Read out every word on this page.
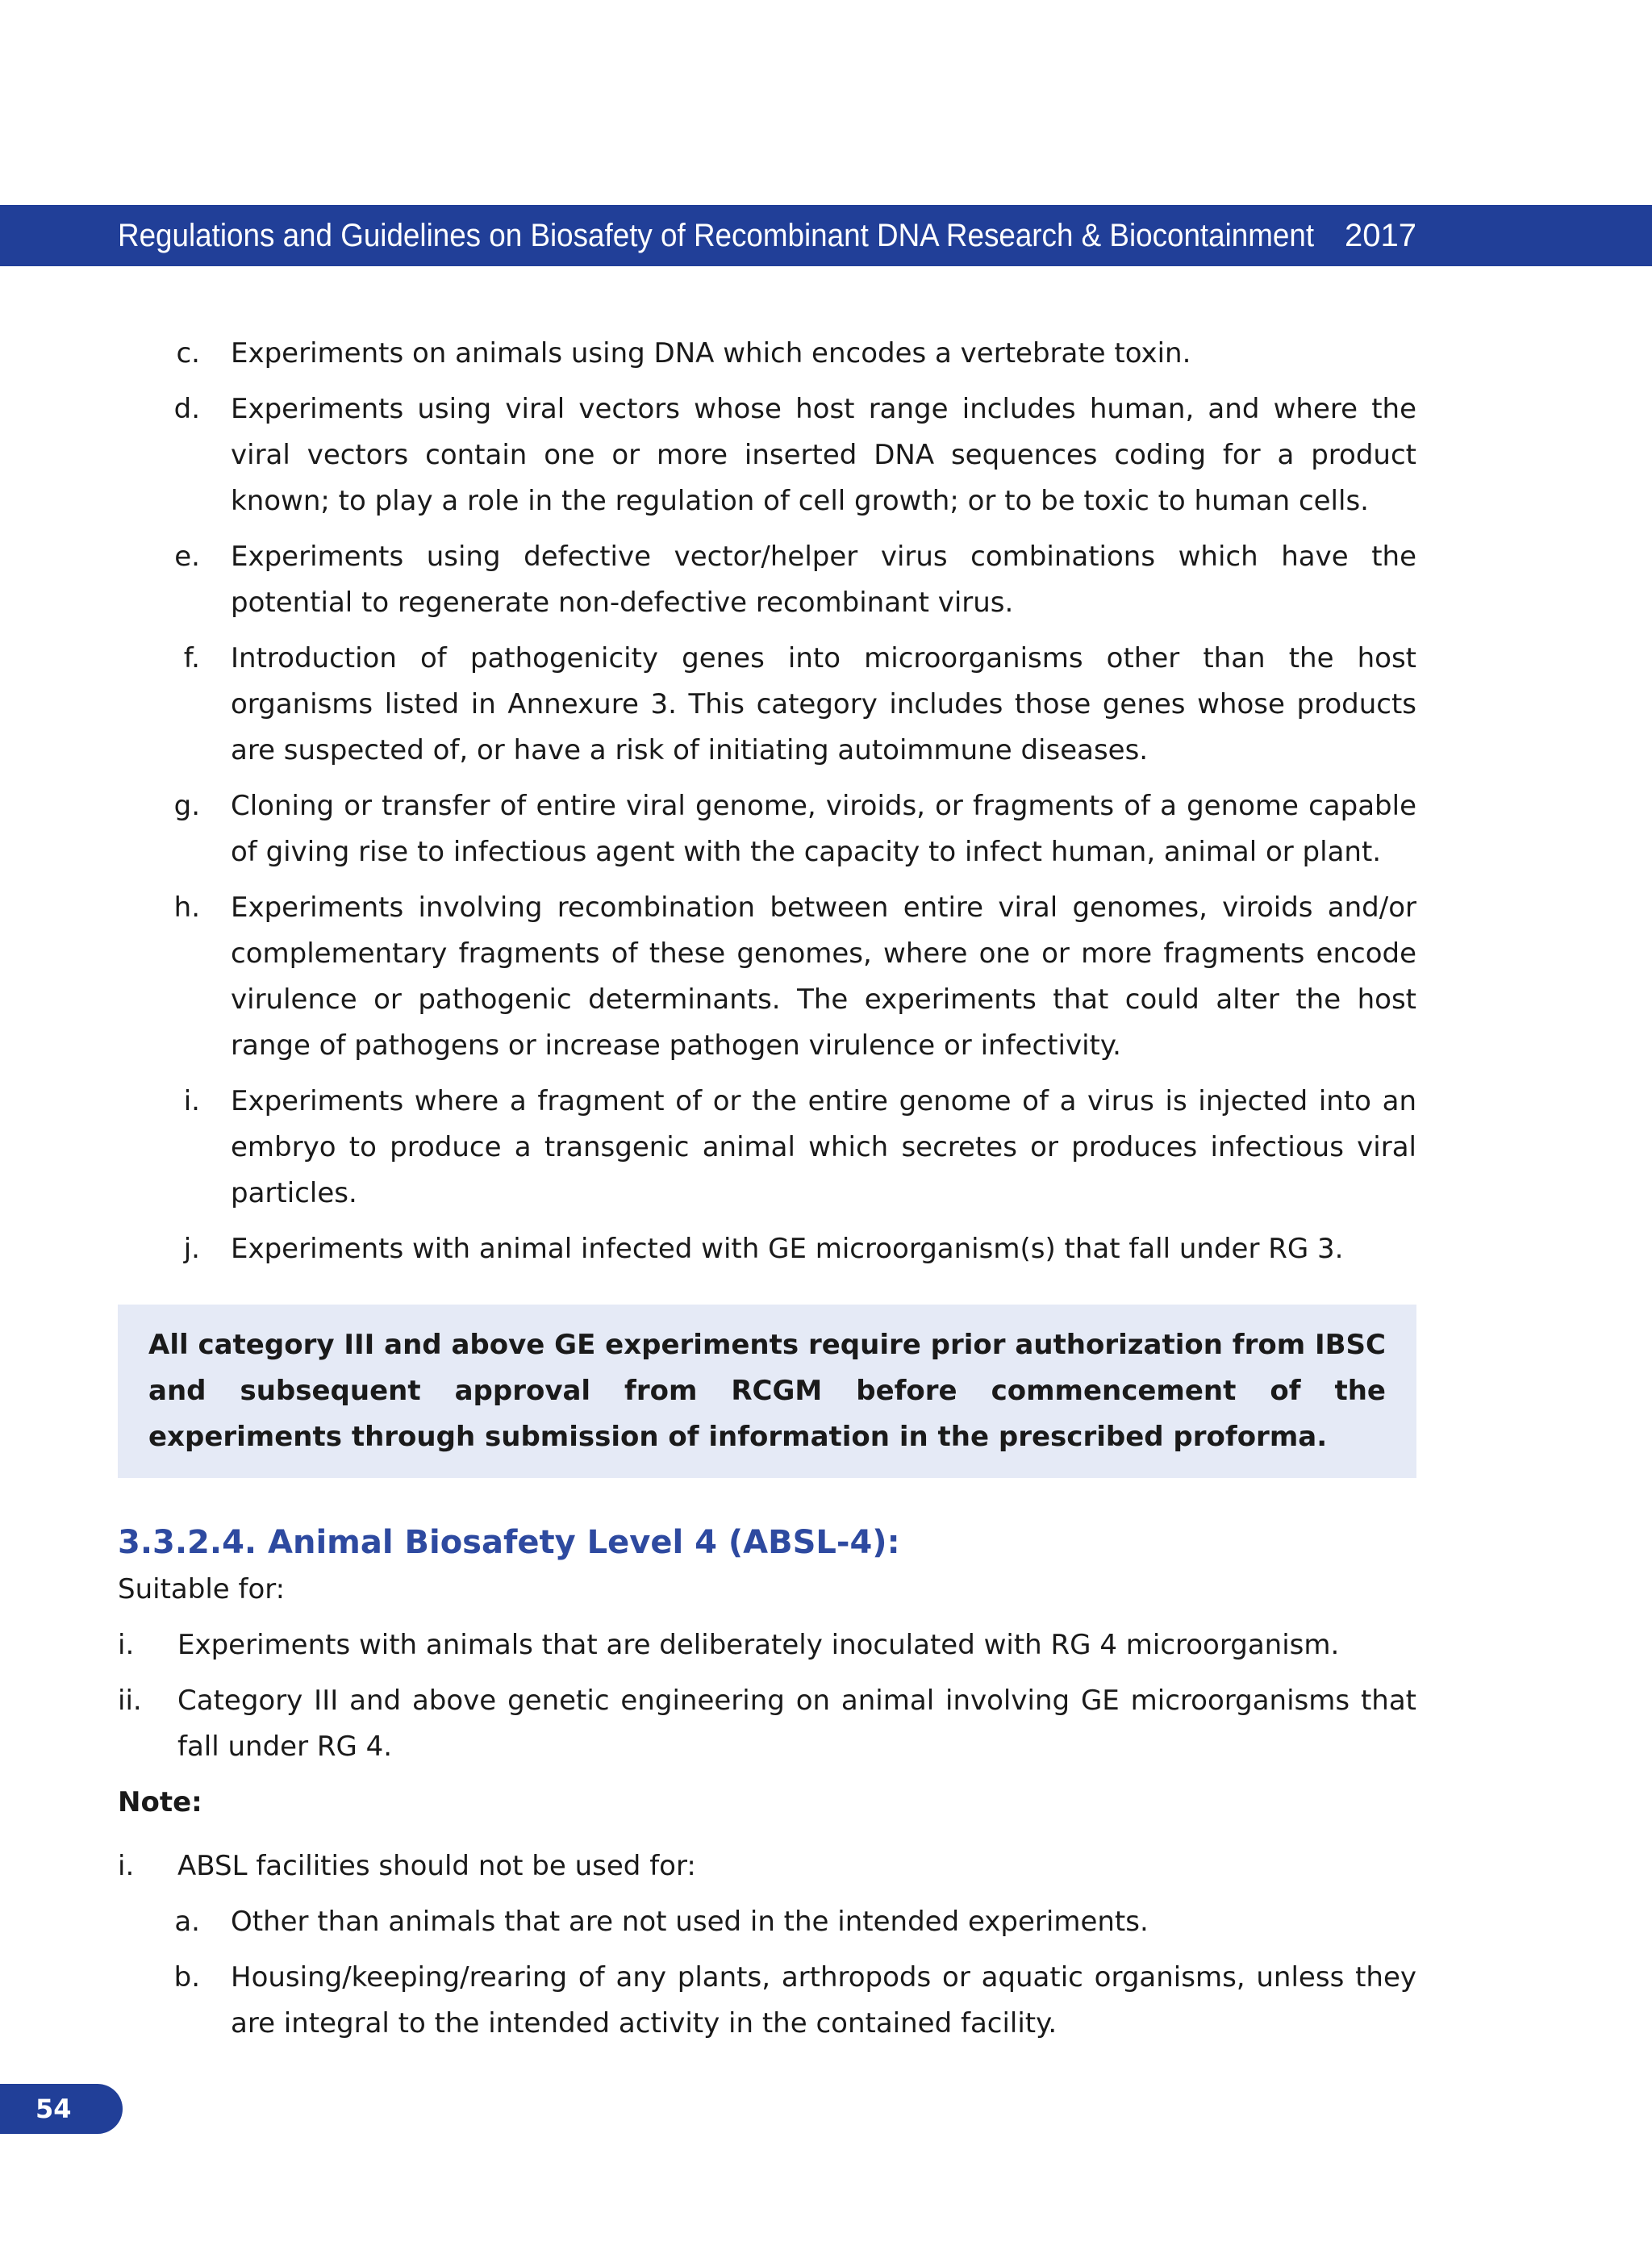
Regulations and Guidelines on Biosafety of Recombinant DNA Research & Biocontainment 2017
c.	Experiments on animals using DNA which encodes a vertebrate toxin.
d.	Experiments using viral vectors whose host range includes human, and where the viral vectors contain one or more inserted DNA sequences coding for a product known; to play a role in the regulation of cell growth; or to be toxic to human cells.
e.	Experiments using defective vector/helper virus combinations which have the potential to regenerate non-defective recombinant virus.
f.	Introduction of pathogenicity genes into microorganisms other than the host organisms listed in Annexure 3. This category includes those genes whose products are suspected of, or have a risk of initiating autoimmune diseases.
g.	Cloning or transfer of entire viral genome, viroids, or fragments of a genome capable of giving rise to infectious agent with the capacity to infect human, animal or plant.
h.	Experiments involving recombination between entire viral genomes, viroids and/or complementary fragments of these genomes, where one or more fragments encode virulence or pathogenic determinants. The experiments that could alter the host range of pathogens or increase pathogen virulence or infectivity.
i.	Experiments where a fragment of or the entire genome of a virus is injected into an embryo to produce a transgenic animal which secretes or produces infectious viral particles.
j.	Experiments with animal infected with GE microorganism(s) that fall under RG 3.
All category III and above GE experiments require prior authorization from IBSC and subsequent approval from RCGM before commencement of the experiments through submission of information in the prescribed proforma.
3.3.2.4. Animal Biosafety Level 4 (ABSL-4):

Suitable for:

i.	Experiments with animals that are deliberately inoculated with RG 4 microorganism.
ii.	Category III and above genetic engineering on animal involving GE microorganisms that fall under RG 4.

Note:

i.	ABSL facilities should not be used for:
a.	Other than animals that are not used in the intended experiments.
b.	Housing/keeping/rearing of any plants, arthropods or aquatic organisms, unless they are integral to the intended activity in the contained facility.
54
